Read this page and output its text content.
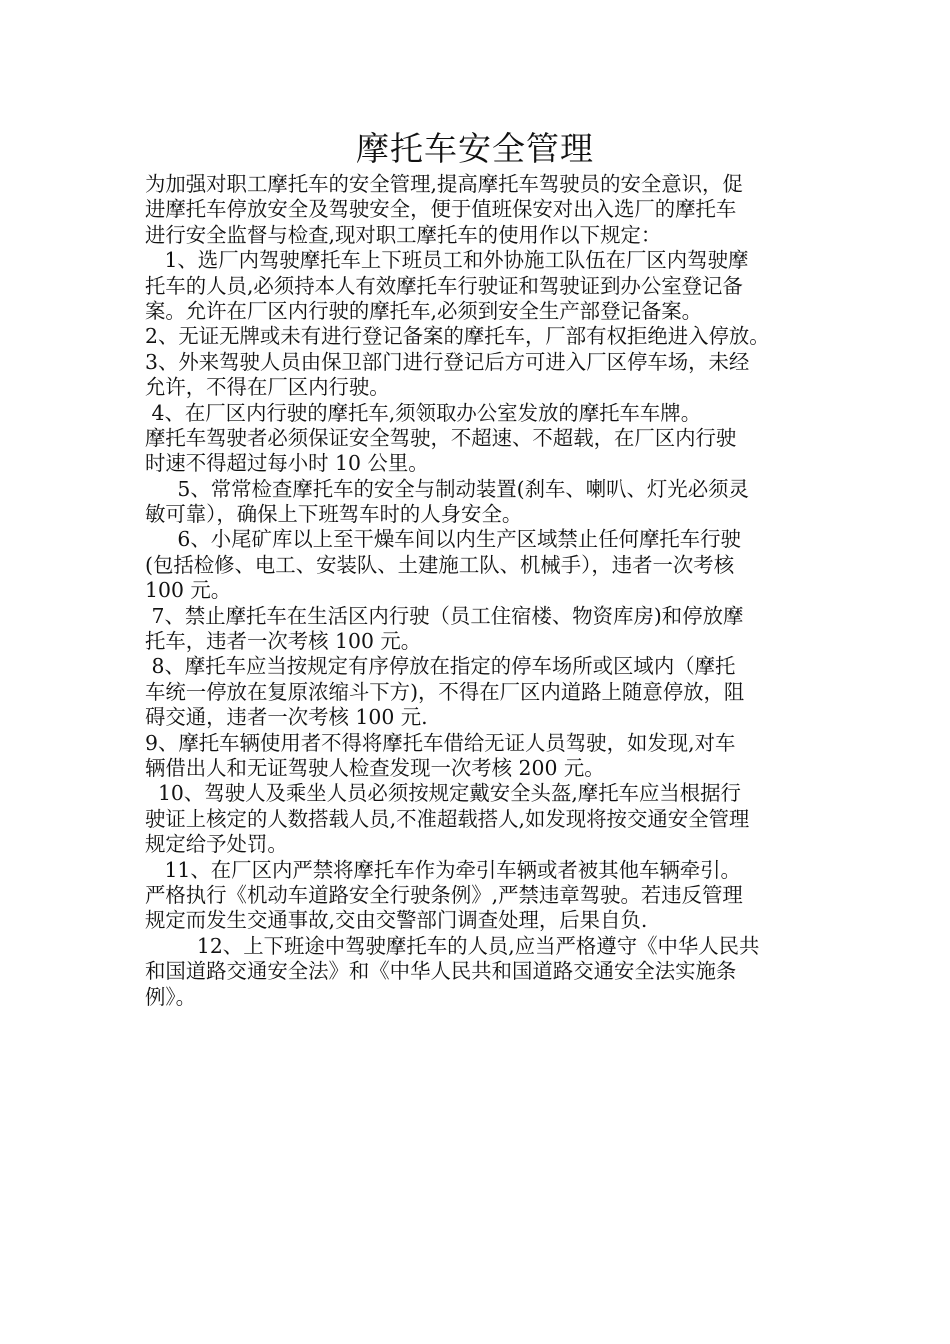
摩托车安全管理

为加强对职工摩托车的安全管理,提高摩托车驾驶员的安全意识，促

进摩托车停放安全及驾驶安全，便于值班保安对出入选厂的摩托车

进行安全监督与检查,现对职工摩托车的使用作以下规定：

1、选厂内驾驶摩托车上下班员工和外协施工队伍在厂区内驾驶摩

托车的人员,必须持本人有效摩托车行驶证和驾驶证到办公室登记备

案。允许在厂区内行驶的摩托车,必须到安全生产部登记备案。

2、无证无牌或未有进行登记备案的摩托车，厂部有权拒绝进入停放。

3、外来驾驶人员由保卫部门进行登记后方可进入厂区停车场，未经

允许，不得在厂区内行驶。

4、在厂区内行驶的摩托车,须领取办公室发放的摩托车车牌。

摩托车驾驶者必须保证安全驾驶，不超速、不超载，在厂区内行驶

时速不得超过每小时 10 公里。

5、常常检查摩托车的安全与制动装置(刹车、喇叭、灯光必须灵

敏可靠），确保上下班驾车时的人身安全。

6、小尾矿库以上至干燥车间以内生产区域禁止任何摩托车行驶

(包括检修、电工、安装队、土建施工队、机械手），违者一次考核

100 元。

7、禁止摩托车在生活区内行驶（员工住宿楼、物资库房)和停放摩

托车，违者一次考核 100 元。

8、摩托车应当按规定有序停放在指定的停车场所或区域内（摩托

车统一停放在复原浓缩斗下方)，不得在厂区内道路上随意停放，阻

碍交通，违者一次考核 100 元.

9、摩托车辆使用者不得将摩托车借给无证人员驾驶，如发现,对车

辆借出人和无证驾驶人检查发现一次考核 200 元。

10、驾驶人及乘坐人员必须按规定戴安全头盔,摩托车应当根据行

驶证上核定的人数搭载人员,不准超载搭人,如发现将按交通安全管理

规定给予处罚。

11、在厂区内严禁将摩托车作为牵引车辆或者被其他车辆牵引。

严格执行《机动车道路安全行驶条例》,严禁违章驾驶。若违反管理

规定而发生交通事故,交由交警部门调查处理，后果自负.

12、上下班途中驾驶摩托车的人员,应当严格遵守《中华人民共

和国道路交通安全法》和《中华人民共和国道路交通安全法实施条

例》。
